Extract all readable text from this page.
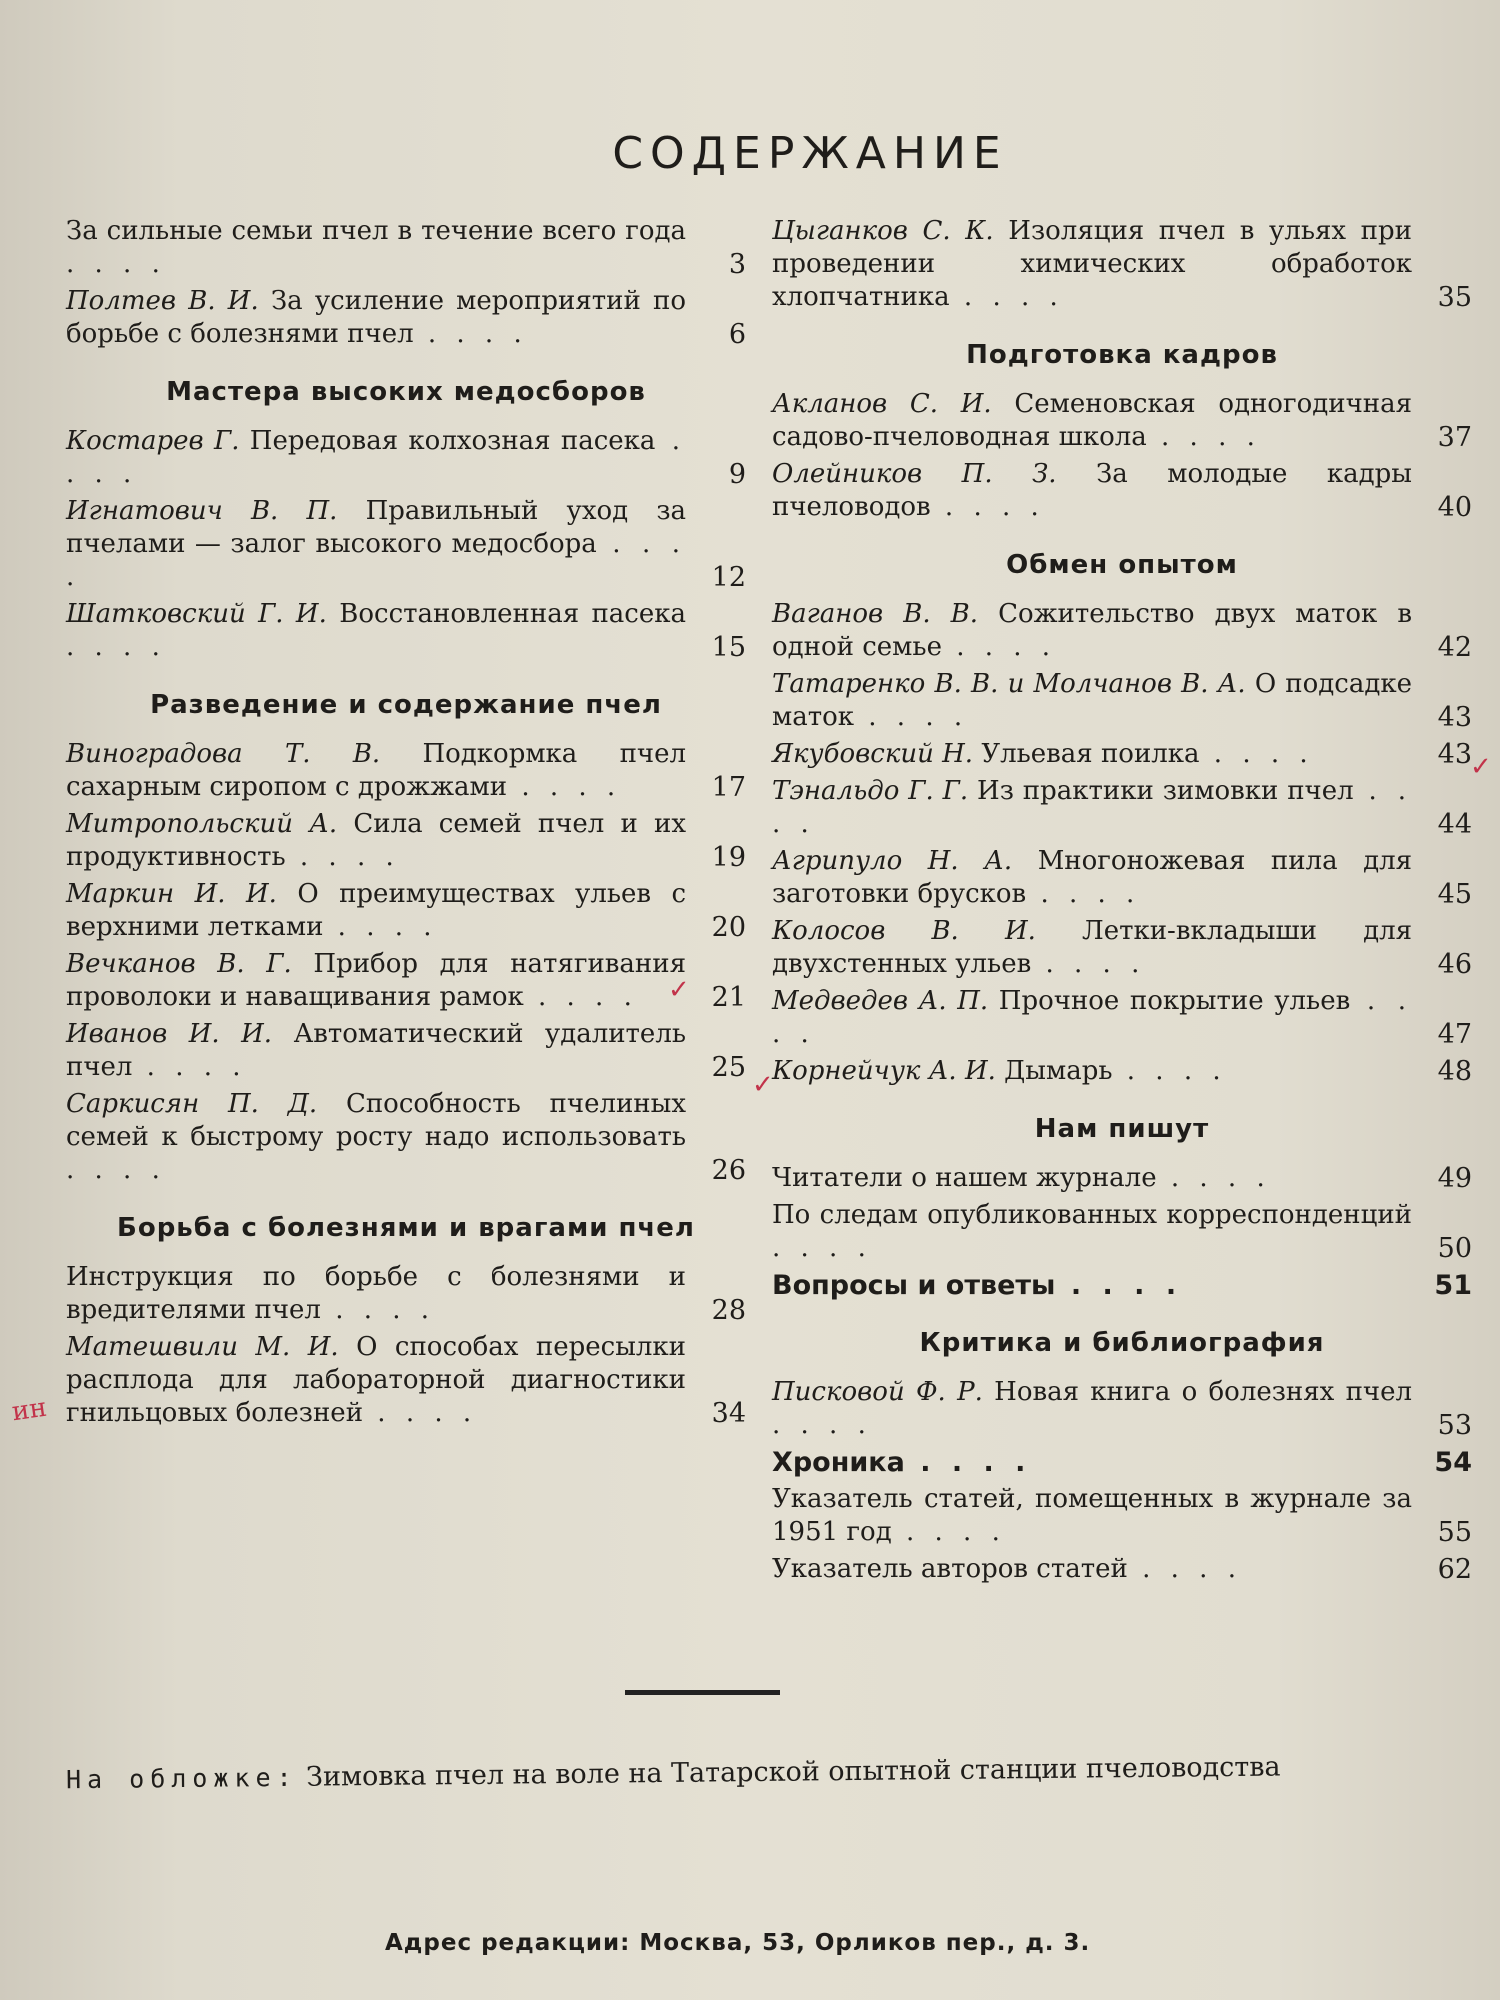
СОДЕРЖАНИЕ
За сильные семьи пчел в течение всего года . . . .	3
Полтев В. И. За усиление мероприятий по борьбе с болезнями пчел . . . .	6
Мастера высоких медосборов
Костарев Г. Передовая колхозная пасека . . . .	9
Игнатович В. П. Правильный уход за пчелами — залог высокого медосбора . . . .	12
Шатковский Г. И. Восстановленная пасека . . . .	15
Разведение и содержание пчел
Виноградова Т. В. Подкормка пчел сахарным сиропом с дрожжами . . . .	17
Митропольский А. Сила семей пчел и их продуктивность . . . .	19
Маркин И. И. О преимуществах ульев с верхними летками . . . .	20
Вечканов В. Г. Прибор для натягивания проволоки и наващивания рамок . . . .	21
Иванов И. И. Автоматический удалитель пчел . . . .	25
Саркисян П. Д. Способность пчелиных семей к быстрому росту надо использовать . . . .	26
Борьба с болезнями и врагами пчел
Инструкция по борьбе с болезнями и вредителями пчел . . . .	28
Матешвили М. И. О способах пересылки расплода для лабораторной диагностики гнильцовых болезней . . . .	34
Цыганков С. К. Изоляция пчел в ульях при проведении химических обработок хлопчатника . . . .	35
Подготовка кадров
Акланов С. И. Семеновская одногодичная садово-пчеловодная школа . . . .	37
Олейников П. З. За молодые кадры пчеловодов . . . .	40
Обмен опытом
Ваганов В. В. Сожительство двух маток в одной семье . . . .	42
Татаренко В. В. и Молчанов В. А. О подсадке маток . . . .	43
Якубовский Н. Ульевая поилка . . . .	43
Тэнальдо Г. Г. Из практики зимовки пчел . . . .	44
Агрипуло Н. А. Многоножевая пила для заготовки брусков . . . .	45
Колосов В. И. Летки-вкладыши для двухстенных ульев . . . .	46
Медведев А. П. Прочное покрытие ульев . . . .	47
Корнейчук А. И. Дымарь . . . .	48
Нам пишут
Читатели о нашем журнале . . . .	49
По следам опубликованных корреспонденций . . . .	50
Вопросы и ответы . . . .	51
Критика и библиография
Писковой Ф. Р. Новая книга о болезнях пчел . . . .	53
Хроника . . . .	54
Указатель статей, помещенных в журнале за 1951 год . . . .	55
Указатель авторов статей . . . .	62
На обложке: Зимовка пчел на воле на Татарской опытной станции пчеловодства
Адрес редакции: Москва, 53, Орликов пер., д. 3.
ин
✓
✓
✓
